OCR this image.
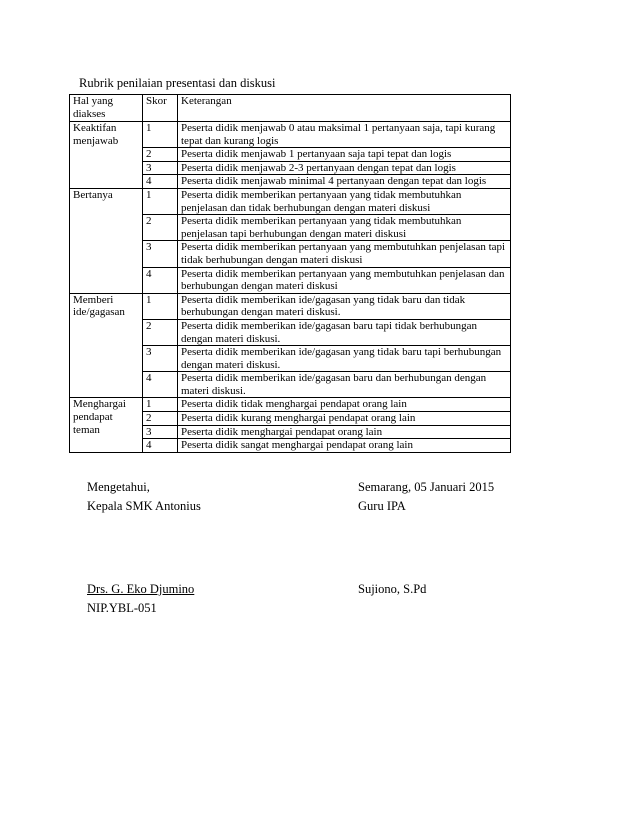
Rubrik penilaian presentasi dan diskusi
Hal yang diakses	Skor	Keterangan
Keaktifan menjawab	1	Peserta didik menjawab 0 atau maksimal 1 pertanyaan saja, tapi kurang tepat dan kurang logis
	2	Peserta didik menjawab 1 pertanyaan saja tapi tepat dan logis
	3	Peserta didik menjawab 2-3 pertanyaan dengan tepat dan logis
	4	Peserta didik menjawab minimal 4 pertanyaan dengan tepat dan logis
Bertanya	1	Peserta didik memberikan pertanyaan yang tidak membutuhkan penjelasan dan tidak berhubungan dengan materi diskusi
	2	Peserta didik memberikan pertanyaan yang tidak membutuhkan penjelasan tapi berhubungan dengan materi diskusi
	3	Peserta didik memberikan pertanyaan yang membutuhkan penjelasan tapi tidak berhubungan dengan materi diskusi
	4	Peserta didik memberikan pertanyaan yang membutuhkan penjelasan dan berhubungan dengan materi diskusi
Memberi ide/gagasan	1	Peserta didik memberikan ide/gagasan yang tidak baru dan tidak berhubungan dengan materi diskusi.
	2	Peserta didik memberikan ide/gagasan baru tapi tidak berhubungan dengan materi diskusi.
	3	Peserta didik memberikan ide/gagasan yang tidak baru tapi berhubungan dengan materi diskusi.
	4	Peserta didik memberikan ide/gagasan baru dan berhubungan dengan materi diskusi.
Menghargai pendapat teman	1	Peserta didik tidak menghargai pendapat orang lain
	2	Peserta didik kurang menghargai pendapat orang lain
	3	Peserta didik menghargai pendapat orang lain
	4	Peserta didik sangat menghargai pendapat orang lain
Mengetahui,
Kepala SMK Antonius
Semarang, 05 Januari 2015
Guru IPA
Drs. G. Eko Djumino
NIP.YBL-051
Sujiono, S.Pd
